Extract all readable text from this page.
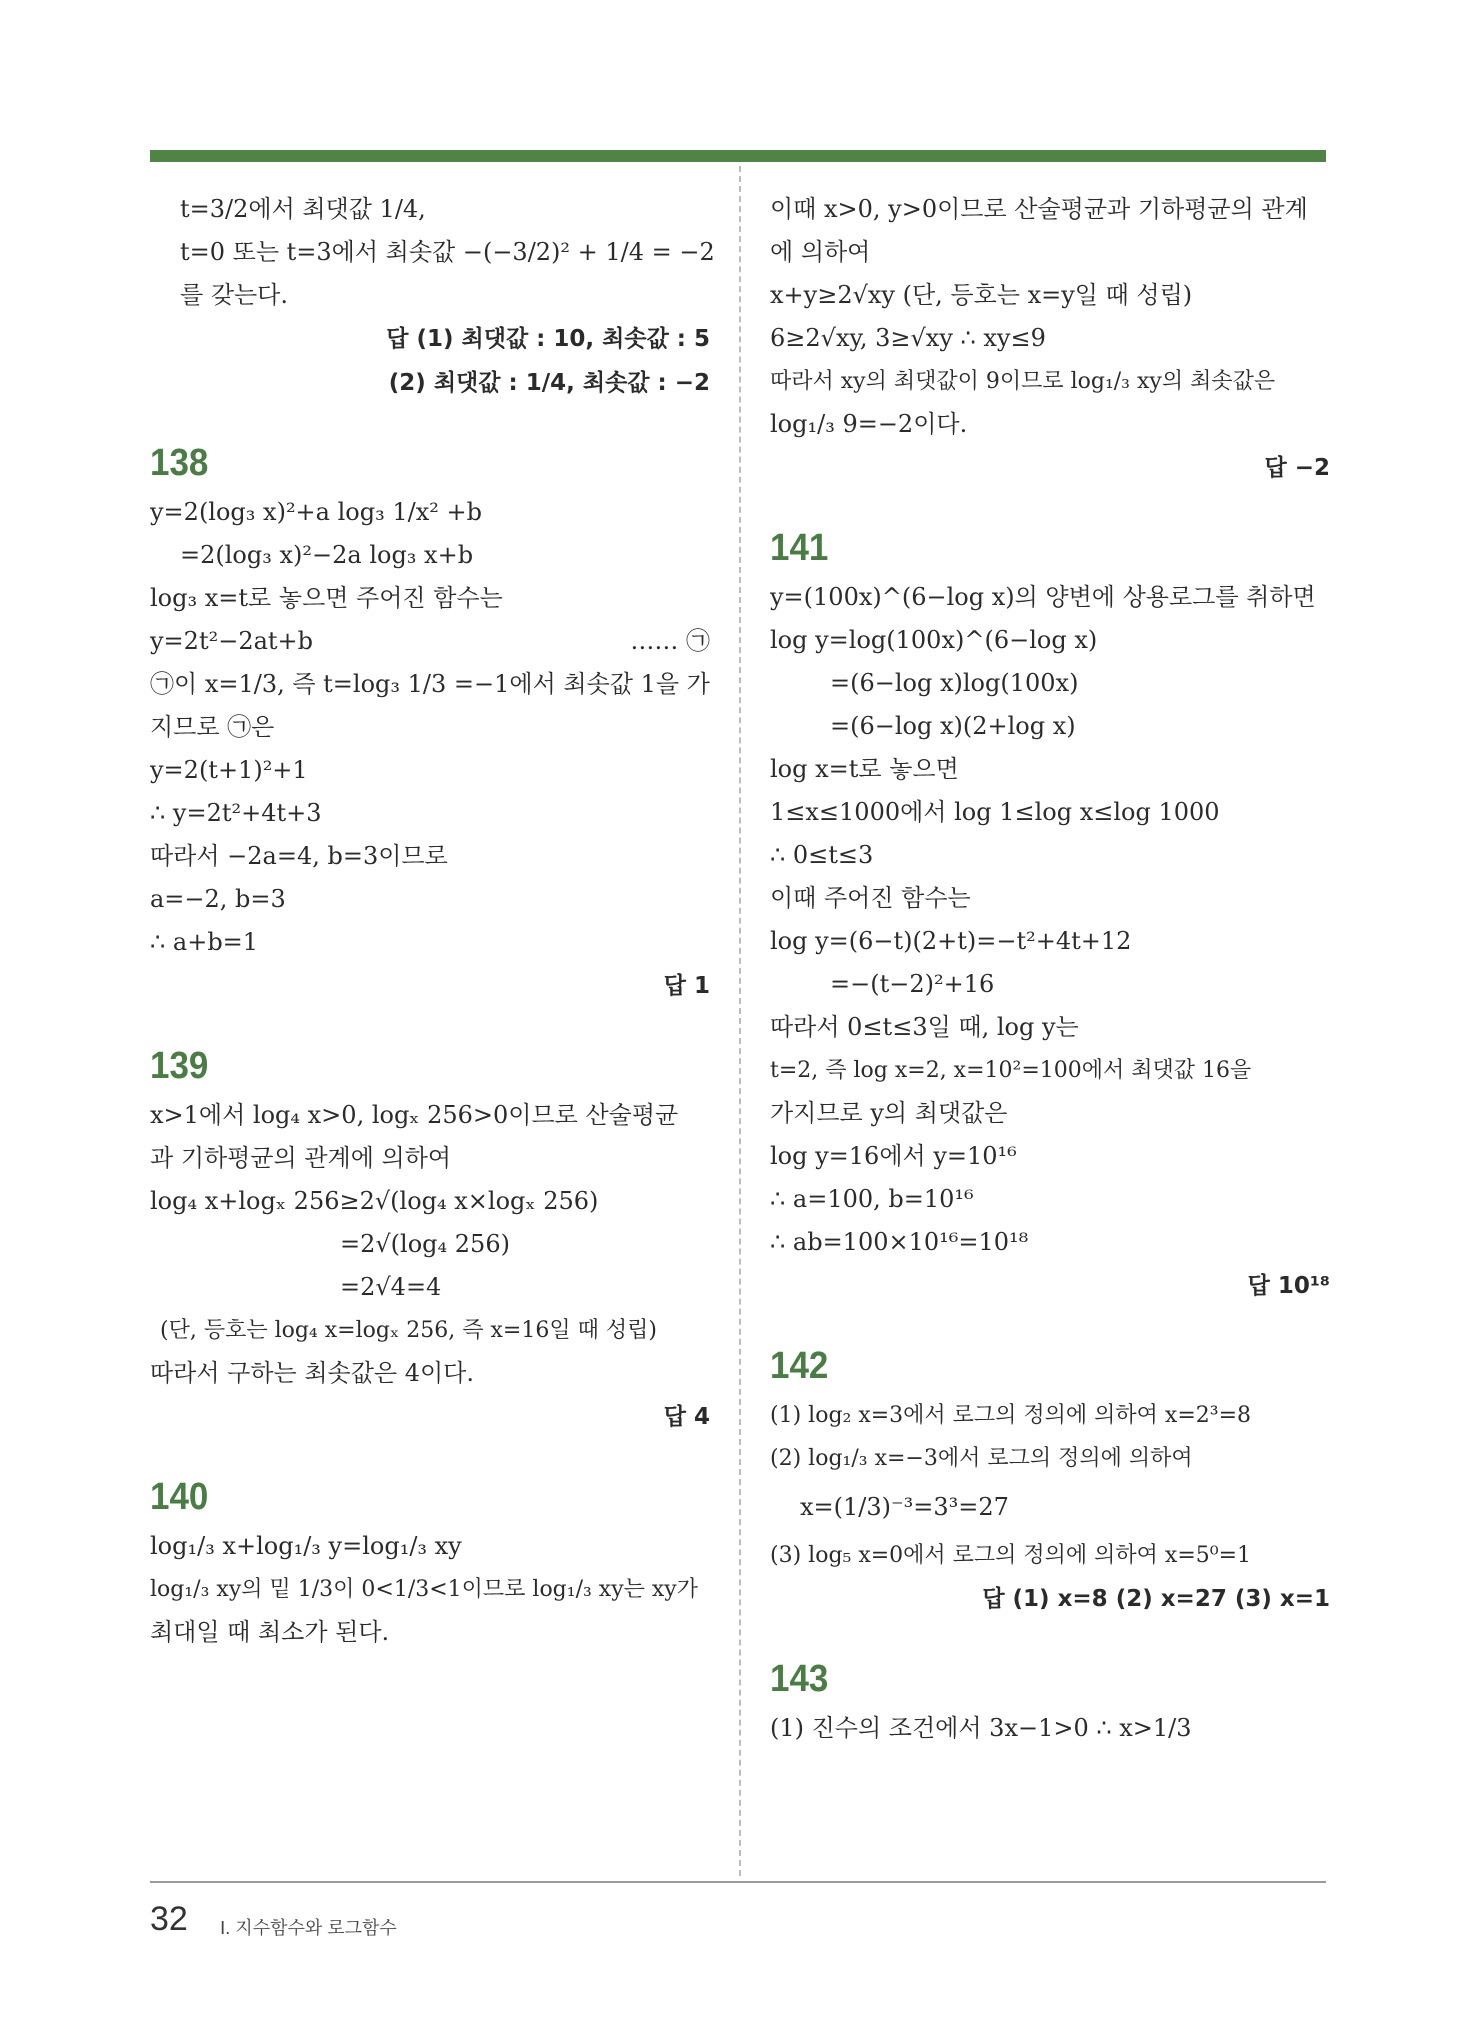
t=3/2에서 최댓값 1/4,
t=0 또는 t=3에서 최솟값 −(−3/2)² + 1/4 = −2
를 갖는다.
답 (1) 최댓값 : 10, 최솟값 : 5
(2) 최댓값 : 1/4, 최솟값 : −2
138
y=2(log₃ x)²+a log₃ 1/x² +b
=2(log₃ x)²−2a log₃ x+b
log₃ x=t로 놓으면 주어진 함수는
y=2t²−2at+b	…… ㉠
㉠이 x=1/3, 즉 t=log₃ 1/3 =−1에서 최솟값 1을 가
지므로 ㉠은
y=2(t+1)²+1
∴ y=2t²+4t+3
따라서 −2a=4, b=3이므로
a=−2, b=3
∴ a+b=1
답 1
139
x>1에서 log₄ x>0, logₓ 256>0이므로 산술평균
과 기하평균의 관계에 의하여
log₄ x+logₓ 256≥2√(log₄ x×logₓ 256)
=2√(log₄ 256)
=2√4=4
(단, 등호는 log₄ x=logₓ 256, 즉 x=16일 때 성립)
따라서 구하는 최솟값은 4이다.
답 4
140
log₁/₃ x+log₁/₃ y=log₁/₃ xy
log₁/₃ xy의 밑 1/3이 0<1/3<1이므로 log₁/₃ xy는 xy가
최대일 때 최소가 된다.
이때 x>0, y>0이므로 산술평균과 기하평균의 관계
에 의하여
x+y≥2√xy (단, 등호는 x=y일 때 성립)
6≥2√xy, 3≥√xy ∴ xy≤9
따라서 xy의 최댓값이 9이므로 log₁/₃ xy의 최솟값은
log₁/₃ 9=−2이다.
답 −2
141
y=(100x)^(6−log x)의 양변에 상용로그를 취하면
log y=log(100x)^(6−log x)
=(6−log x)log(100x)
=(6−log x)(2+log x)
log x=t로 놓으면
1≤x≤1000에서 log 1≤log x≤log 1000
∴ 0≤t≤3
이때 주어진 함수는
log y=(6−t)(2+t)=−t²+4t+12
=−(t−2)²+16
따라서 0≤t≤3일 때, log y는
t=2, 즉 log x=2, x=10²=100에서 최댓값 16을
가지므로 y의 최댓값은
log y=16에서 y=10¹⁶
∴ a=100, b=10¹⁶
∴ ab=100×10¹⁶=10¹⁸
답 10¹⁸
142
(1) log₂ x=3에서 로그의 정의에 의하여 x=2³=8
(2) log₁/₃ x=−3에서 로그의 정의에 의하여
x=(1/3)⁻³=3³=27
(3) log₅ x=0에서 로그의 정의에 의하여 x=5⁰=1
답 (1) x=8 (2) x=27 (3) x=1
143
(1) 진수의 조건에서 3x−1>0 ∴ x>1/3
32 Ⅰ. 지수함수와 로그함수
